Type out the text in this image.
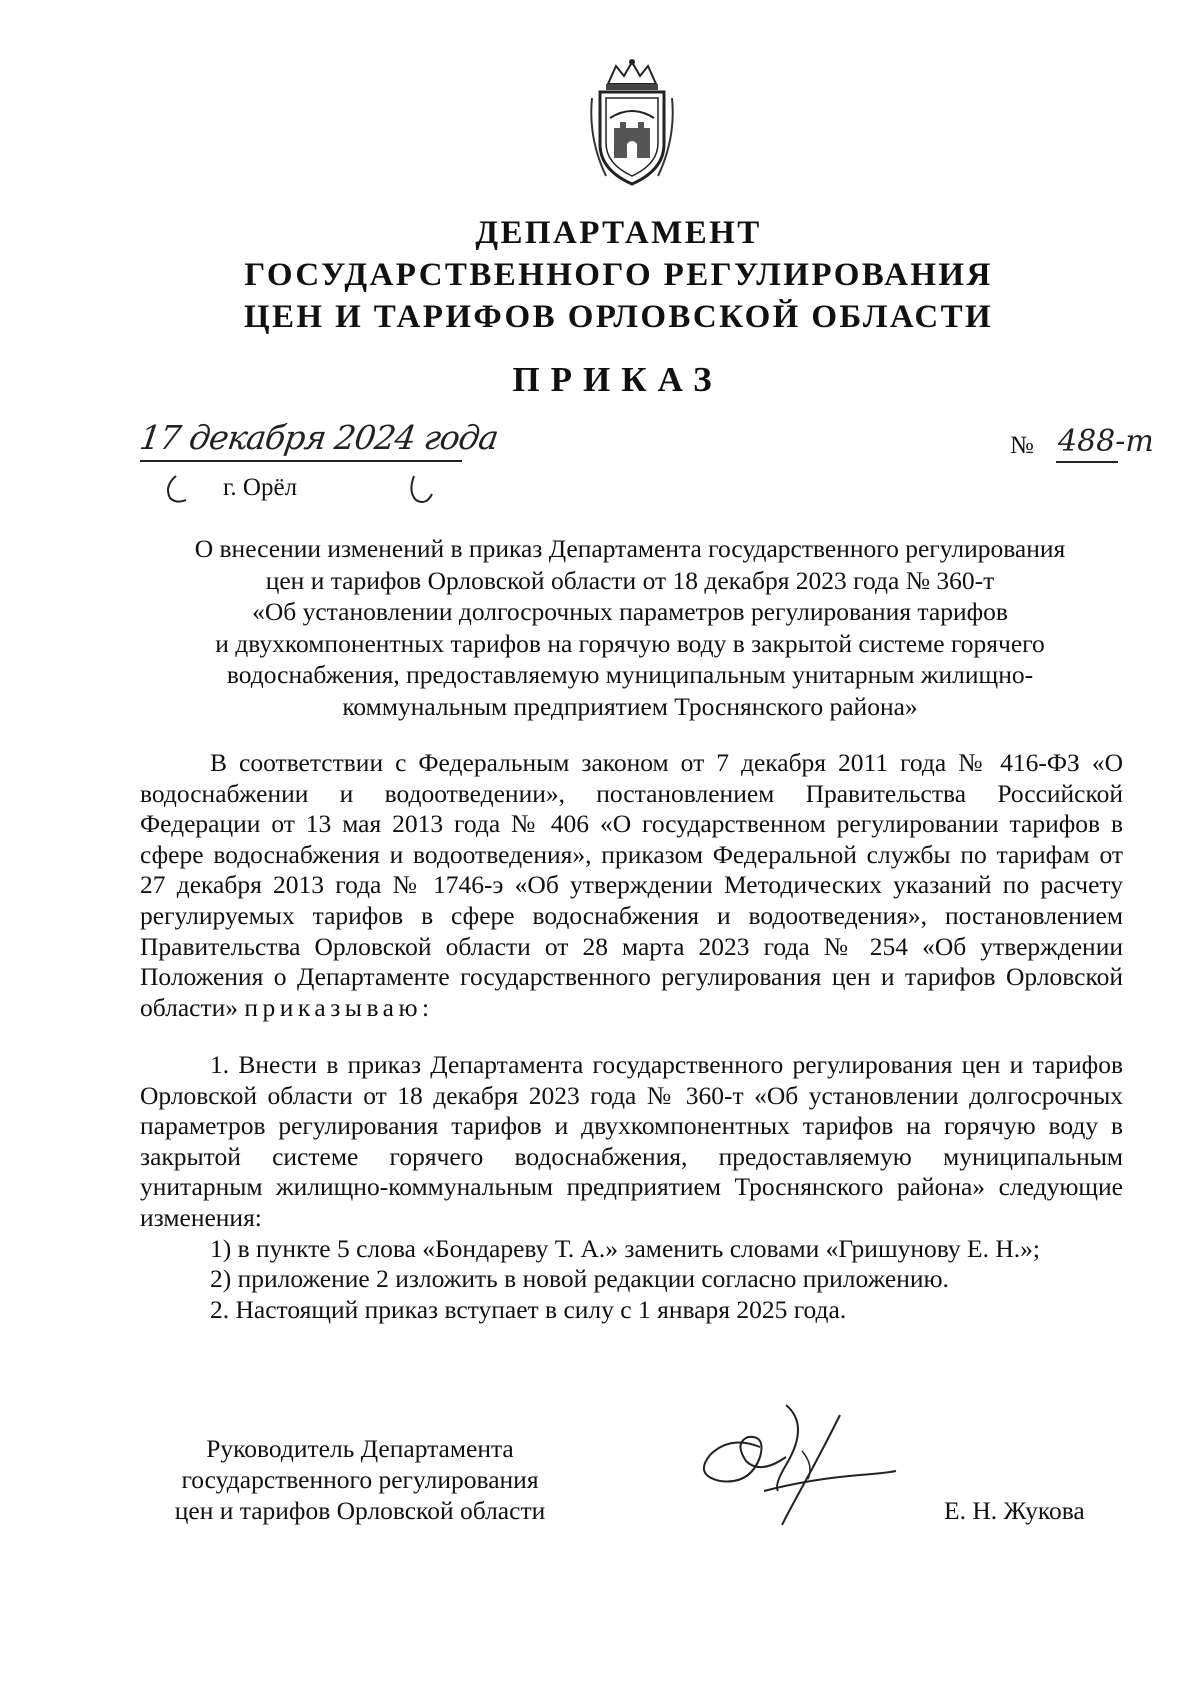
ДЕПАРТАМЕНТ
ГОСУДАРСТВЕННОГО РЕГУЛИРОВАНИЯ
ЦЕН И ТАРИФОВ ОРЛОВСКОЙ ОБЛАСТИ
ПРИКАЗ
17 декабря 2024 года	№ 488-т
г. Орёл
О внесении изменений в приказ Департамента государственного регулирования
цен и тарифов Орловской области от 18 декабря 2023 года № 360-т
«Об установлении долгосрочных параметров регулирования тарифов
и двухкомпонентных тарифов на горячую воду в закрытой системе горячего
водоснабжения, предоставляемую муниципальным унитарным жилищно-
коммунальным предприятием Троснянского района»

В соответствии с Федеральным законом от 7 декабря 2011 года № 416-ФЗ «О водоснабжении и водоотведении», постановлением Правительства Российской Федерации от 13 мая 2013 года № 406 «О государственном регулировании тарифов в сфере водоснабжения и водоотведения», приказом Федеральной службы по тарифам от 27 декабря 2013 года № 1746-э «Об утверждении Методических указаний по расчету регулируемых тарифов в сфере водоснабжения и водоотведения», постановлением Правительства Орловской области от 28 марта 2023 года № 254 «Об утверждении Положения о Департаменте государственного регулирования цен и тарифов Орловской области» приказываю:

1. Внести в приказ Департамента государственного регулирования цен и тарифов Орловской области от 18 декабря 2023 года № 360-т «Об установлении долгосрочных параметров регулирования тарифов и двухкомпонентных тарифов на горячую воду в закрытой системе горячего водоснабжения, предоставляемую муниципальным унитарным жилищно-коммунальным предприятием Троснянского района» следующие изменения:

1) в пункте 5 слова «Бондареву Т. А.» заменить словами «Гришунову Е. Н.»;

2) приложение 2 изложить в новой редакции согласно приложению.

2. Настоящий приказ вступает в силу с 1 января 2025 года.

Руководитель Департамента
государственного регулирования
цен и тарифов Орловской области	Е. Н. Жукова
